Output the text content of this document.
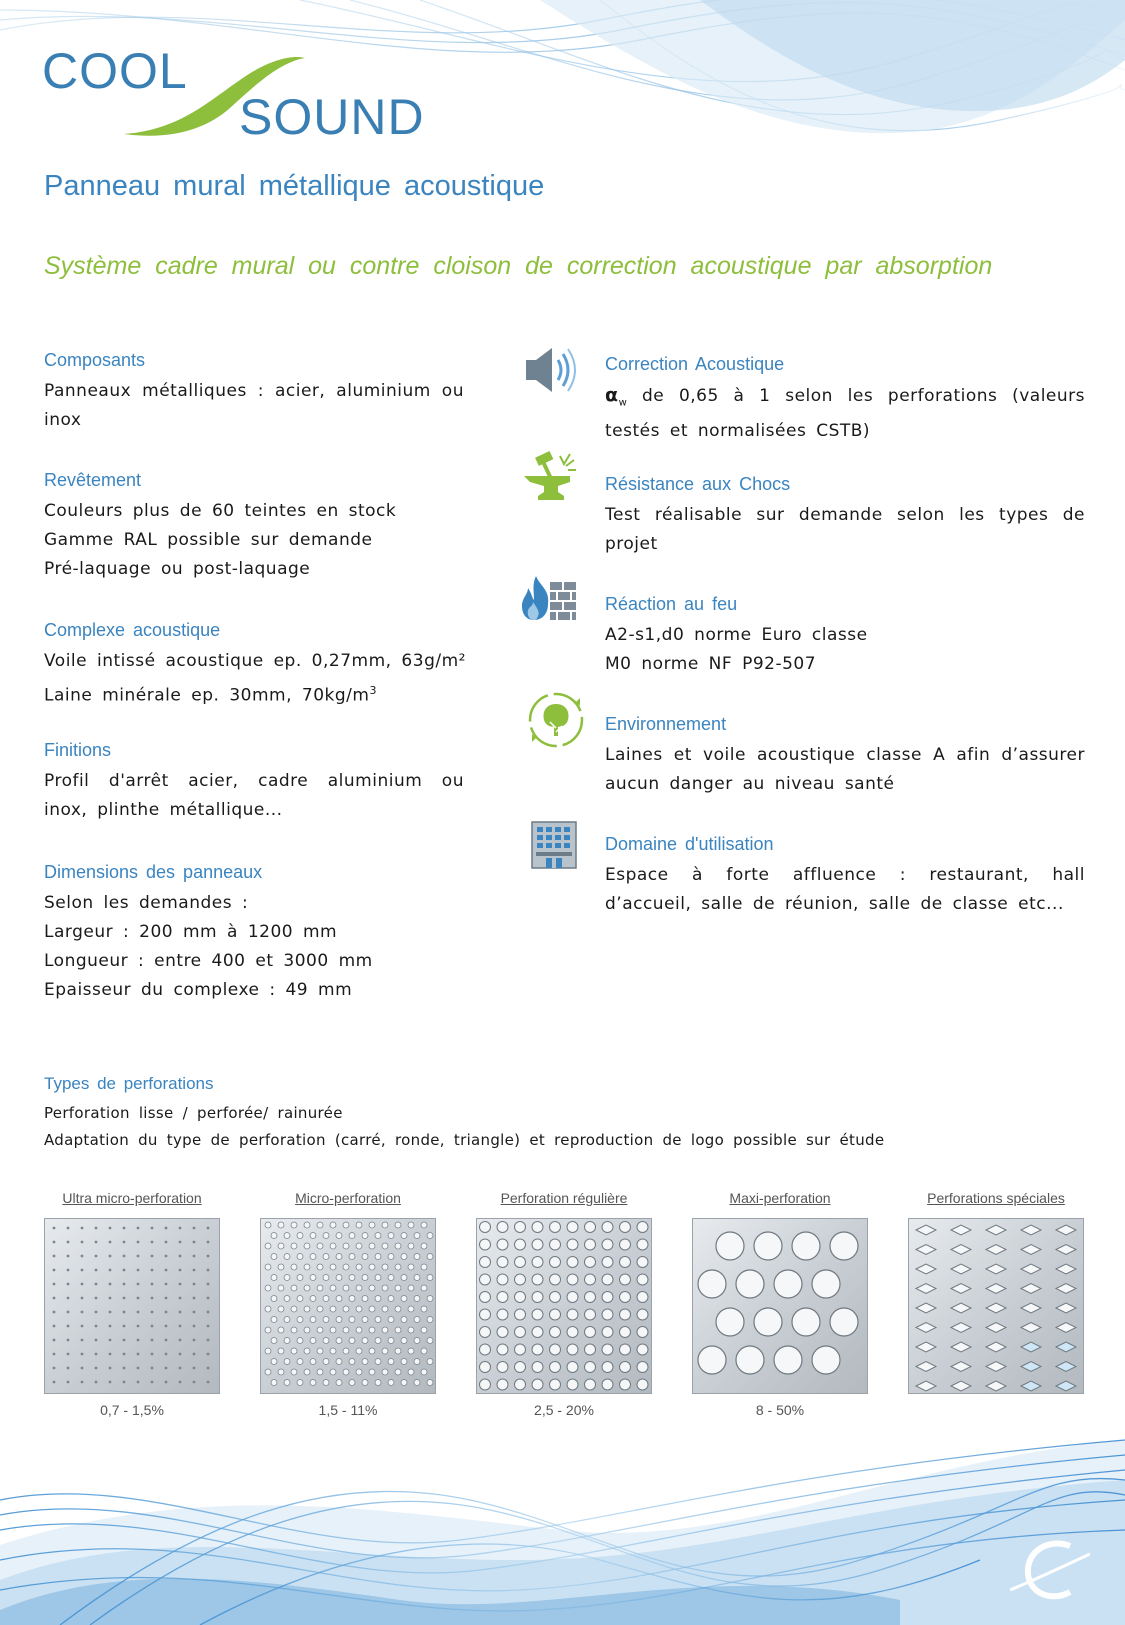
COOL
SOUND
Panneau mural métallique acoustique
Système cadre mural ou contre cloison de correction acoustique par absorption
Composants
Panneaux métalliques : acier, aluminium ou inox
Revêtement
Couleurs plus de 60 teintes en stock
Gamme RAL possible sur demande
Pré-laquage ou post-laquage
Complexe acoustique
Voile intissé acoustique ep. 0,27mm, 63g/m²
Laine minérale ep. 30mm, $70kg/m^3$
Finitions
Profil d'arrêt acier, cadre aluminium ou inox, plinthe métallique...
Dimensions des panneaux
Selon les demandes :
Largeur : 200 mm à 1200 mm
Longueur : entre 400 et 3000 mm
Epaisseur du complexe : 49 mm
Correction Acoustique
$\alpha_w$ de 0,65 à 1 selon les perforations (valeurs testés et normalisées CSTB)
Résistance aux Chocs
Test réalisable sur demande selon les types de projet
Réaction au feu
A2-s1,d0 norme Euro classe
M0 norme NF P92-507
Environnement
Laines et voile acoustique classe A afin d’assurer aucun danger au niveau santé
Domaine d'utilisation
Espace à forte affluence : restaurant, hall d’accueil, salle de réunion, salle de classe etc...
Types de perforations
Perforation lisse / perforée/ rainurée
Adaptation du type de perforation (carré, ronde, triangle) et reproduction de logo possible sur étude
Ultra micro-perforation
0,7 - 1,5%
Micro-perforation
1,5 - 11%
Perforation régulière
2,5 - 20%
Maxi-perforation
8 - 50%
Perforations spéciales
